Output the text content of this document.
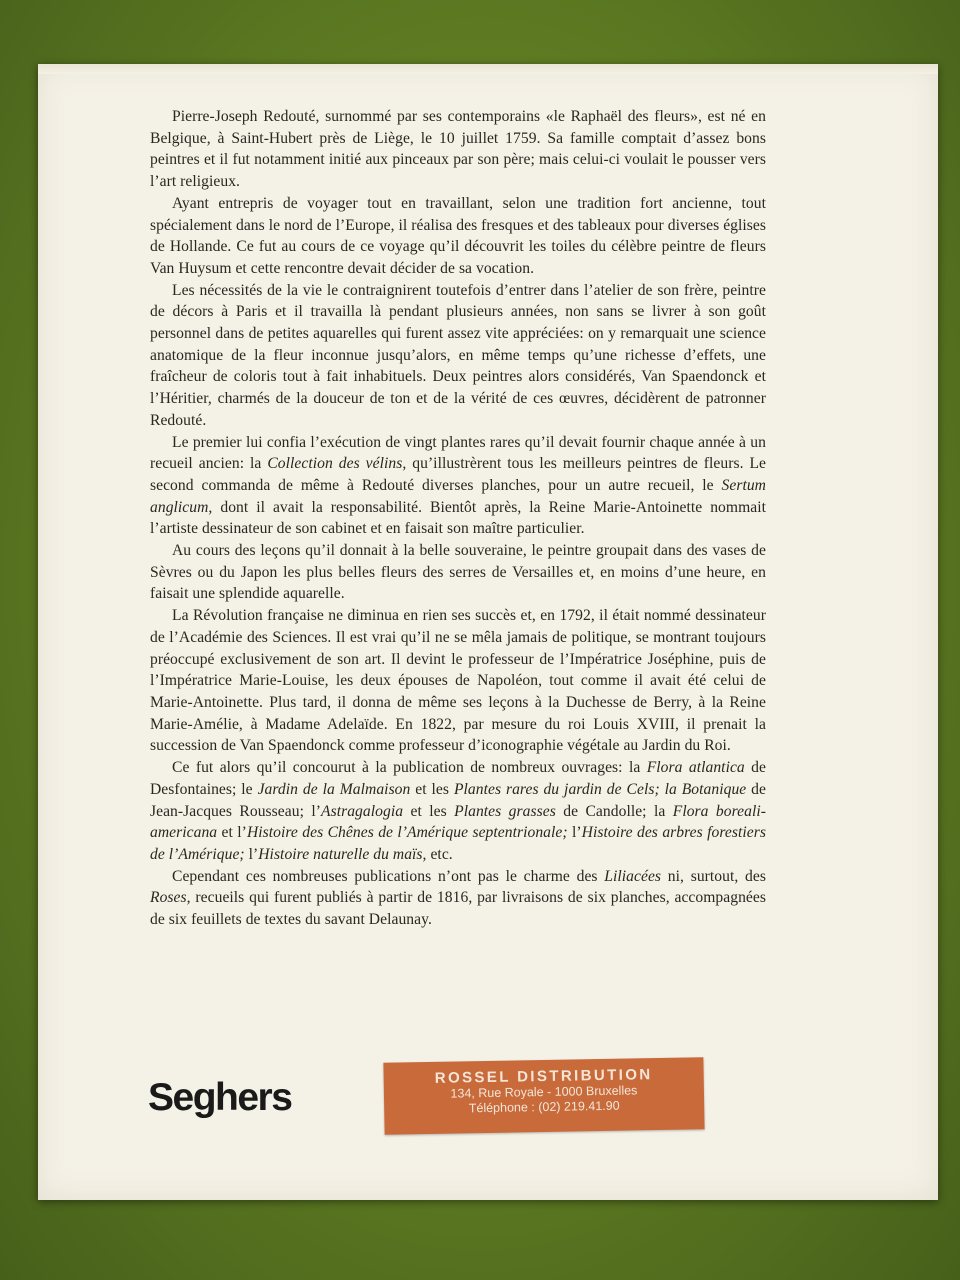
Pierre-Joseph Redouté, surnommé par ses contemporains «le Raphaël des fleurs», est né en Belgique, à Saint-Hubert près de Liège, le 10 juillet 1759. Sa famille comptait d’assez bons peintres et il fut notamment initié aux pinceaux par son père; mais celui-ci voulait le pousser vers l’art religieux.

Ayant entrepris de voyager tout en travaillant, selon une tradition fort ancienne, tout spécialement dans le nord de l’Europe, il réalisa des fresques et des tableaux pour diverses églises de Hollande. Ce fut au cours de ce voyage qu’il découvrit les toiles du célèbre peintre de fleurs Van Huysum et cette rencontre devait décider de sa vocation.

Les nécessités de la vie le contraignirent toutefois d’entrer dans l’atelier de son frère, peintre de décors à Paris et il travailla là pendant plusieurs années, non sans se livrer à son goût personnel dans de petites aquarelles qui furent assez vite appréciées: on y remarquait une science anatomique de la fleur inconnue jusqu’alors, en même temps qu’une richesse d’effets, une fraîcheur de coloris tout à fait inhabituels. Deux peintres alors considérés, Van Spaendonck et l’Héritier, charmés de la douceur de ton et de la vérité de ces œuvres, décidèrent de patronner Redouté.

Le premier lui confia l’exécution de vingt plantes rares qu’il devait fournir chaque année à un recueil ancien: la Collection des vélins, qu’illustrèrent tous les meilleurs peintres de fleurs. Le second commanda de même à Redouté diverses planches, pour un autre recueil, le Sertum anglicum, dont il avait la responsabilité. Bientôt après, la Reine Marie-Antoinette nommait l’artiste dessinateur de son cabinet et en faisait son maître particulier.

Au cours des leçons qu’il donnait à la belle souveraine, le peintre groupait dans des vases de Sèvres ou du Japon les plus belles fleurs des serres de Versailles et, en moins d’une heure, en faisait une splendide aquarelle.

La Révolution française ne diminua en rien ses succès et, en 1792, il était nommé dessinateur de l’Académie des Sciences. Il est vrai qu’il ne se mêla jamais de politique, se montrant toujours préoccupé exclusivement de son art. Il devint le professeur de l’Impératrice Joséphine, puis de l’Impératrice Marie-Louise, les deux épouses de Napoléon, tout comme il avait été celui de Marie-Antoinette. Plus tard, il donna de même ses leçons à la Duchesse de Berry, à la Reine Marie-Amélie, à Madame Adelaïde. En 1822, par mesure du roi Louis XVIII, il prenait la succession de Van Spaendonck comme professeur d’iconographie végétale au Jardin du Roi.

Ce fut alors qu’il concourut à la publication de nombreux ouvrages: la Flora atlantica de Desfontaines; le Jardin de la Malmaison et les Plantes rares du jardin de Cels; la Botanique de Jean-Jacques Rousseau; l’Astragalogia et les Plantes grasses de Candolle; la Flora boreali-americana et l’Histoire des Chênes de l’Amérique septentrionale; l’Histoire des arbres forestiers de l’Amérique; l’Histoire naturelle du maïs, etc.

Cependant ces nombreuses publications n’ont pas le charme des Liliacées ni, surtout, des Roses, recueils qui furent publiés à partir de 1816, par livraisons de six planches, accompagnées de six feuillets de textes du savant Delaunay.

Seghers	ROSSEL DISTRIBUTION
134, Rue Royale - 1000 Bruxelles
Téléphone : (02) 219.41.90
